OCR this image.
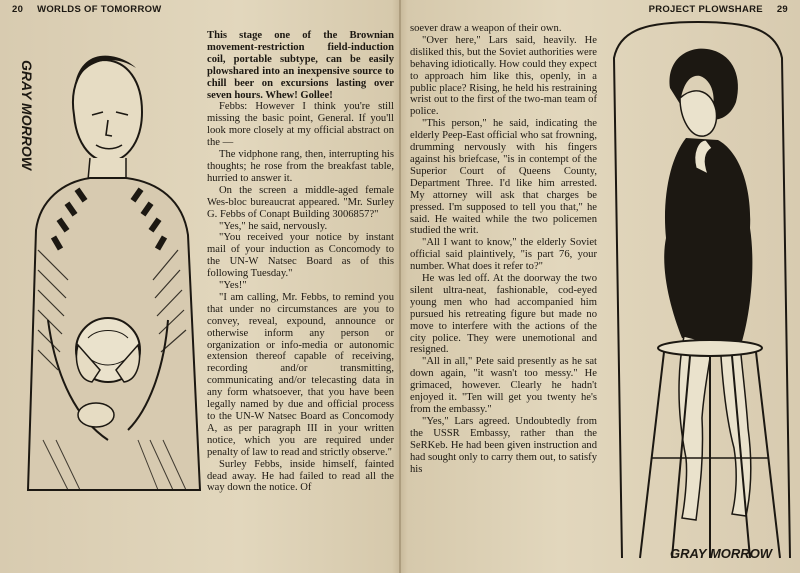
20 WORLDS OF TOMORROW	PROJECT PLOWSHARE 29
GRAY MORROW

This stage one of the Brownian movement-restriction field-induction coil, portable subtype, can be easily plowshared into an inexpensive source to chill beer on excursions lasting over seven hours. Whew! Gollee!

Febbs: However I think you're still missing the basic point, General. If you'll look more closely at my official abstract on the —

The vidphone rang, then, interrupting his thoughts; he rose from the breakfast table, hurried to answer it.

On the screen a middle-aged female Wes-bloc bureaucrat appeared. "Mr. Surley G. Febbs of Conapt Building 3006857?"

"Yes," he said, nervously.

"You received your notice by instant mail of your induction as Concomody to the UN-W Natsec Board as of this following Tuesday."

"Yes!"

"I am calling, Mr. Febbs, to remind you that under no circumstances are you to convey, reveal, expound, announce or otherwise inform any person or organization or info-media or autonomic extension thereof capable of receiving, recording and/or transmitting, communicating and/or telecasting data in any form whatsoever, that you have been legally named by due and official process to the UN-W Natsec Board as Concomody A, as per paragraph III in your written notice, which you are required under penalty of law to read and strictly observe."

Surley Febbs, inside himself, fainted dead away. He had failed to read all the way down the notice. Of

soever draw a weapon of their own.

"Over here," Lars said, heavily. He disliked this, but the Soviet authorities were behaving idiotically. How could they expect to approach him like this, openly, in a public place? Rising, he held his restraining wrist out to the first of the two-man team of police.

"This person," he said, indicating the elderly Peep-East official who sat frowning, drumming nervously with his fingers against his briefcase, "is in contempt of the Superior Court of Queens County, Department Three. I'd like him arrested. My attorney will ask that charges be pressed. I'm supposed to tell you that," he said. He waited while the two policemen studied the writ.

"All I want to know," the elderly Soviet official said plaintively, "is part 76, your number. What does it refer to?"

He was led off. At the doorway the two silent ultra-neat, fashionable, cod-eyed young men who had accompanied him pursued his retreating figure but made no move to interfere with the actions of the city police. They were unemotional and resigned.

"All in all," Pete said presently as he sat down again, "it wasn't too messy." He grimaced, however. Clearly he hadn't enjoyed it. "Ten will get you twenty he's from the embassy."

"Yes," Lars agreed. Undoubtedly from the USSR Embassy, rather than the SeRKeb. He had been given instruction and had sought only to carry them out, to satisfy his

GRAY MORROW
